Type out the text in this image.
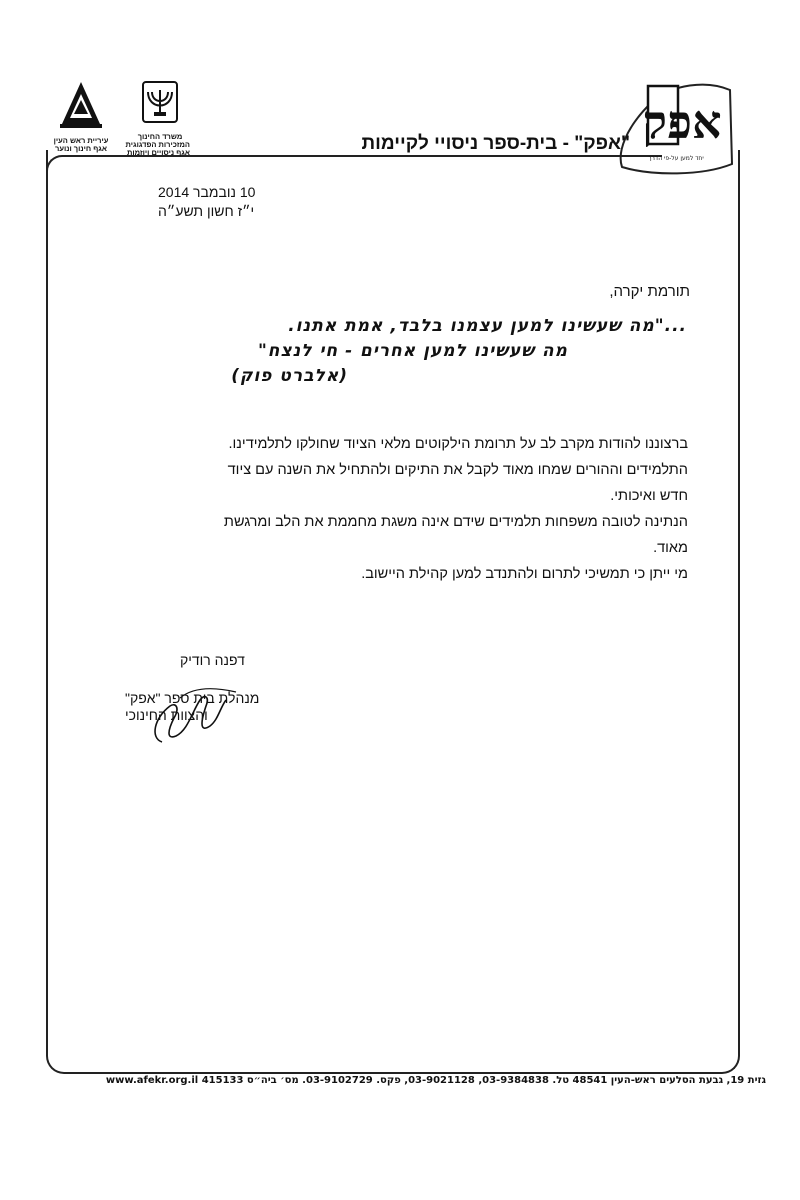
אפק
יחד למען על-פי הדרך
משרד החינוך
המזכירות הפדגוגית
אגף ניסויים ויוזמות
עיריית ראש העין
אגף חינוך ונוער	"אפק" - בית-ספר ניסויי לקיימות
10 נובמבר 2014
י״ז חשון תשע״ה
תורמת יקרה,
..."מה שעשינו למען עצמנו בלבד, אמת אתנו.
מה שעשינו למען אחרים - חי לנצח"
(אלברט פוק)
ברצוננו להודות מקרב לב על תרומת הילקוטים מלאי הציוד שחולקו לתלמידינו.
התלמידים וההורים שמחו מאוד לקבל את התיקים ולהתחיל את השנה עם ציוד
חדש ואיכותי.
הנתינה לטובה משפחות תלמידים שידם אינה משגת מחממת את הלב ומרגשת
מאוד.
מי ייתן כי תמשיכי לתרום ולהתנדב למען קהילת היישוב.
דפנה רודיק
מנהלת בית ספר "אפק"
והצוות החינוכי
גזית 19, גבעת הסלעים ראש-העין 48541 טל. 03-9384838, 03-9021128, פקס. 03-9102729. מס׳ ביה״ס 415133 www.afekr.org.il
